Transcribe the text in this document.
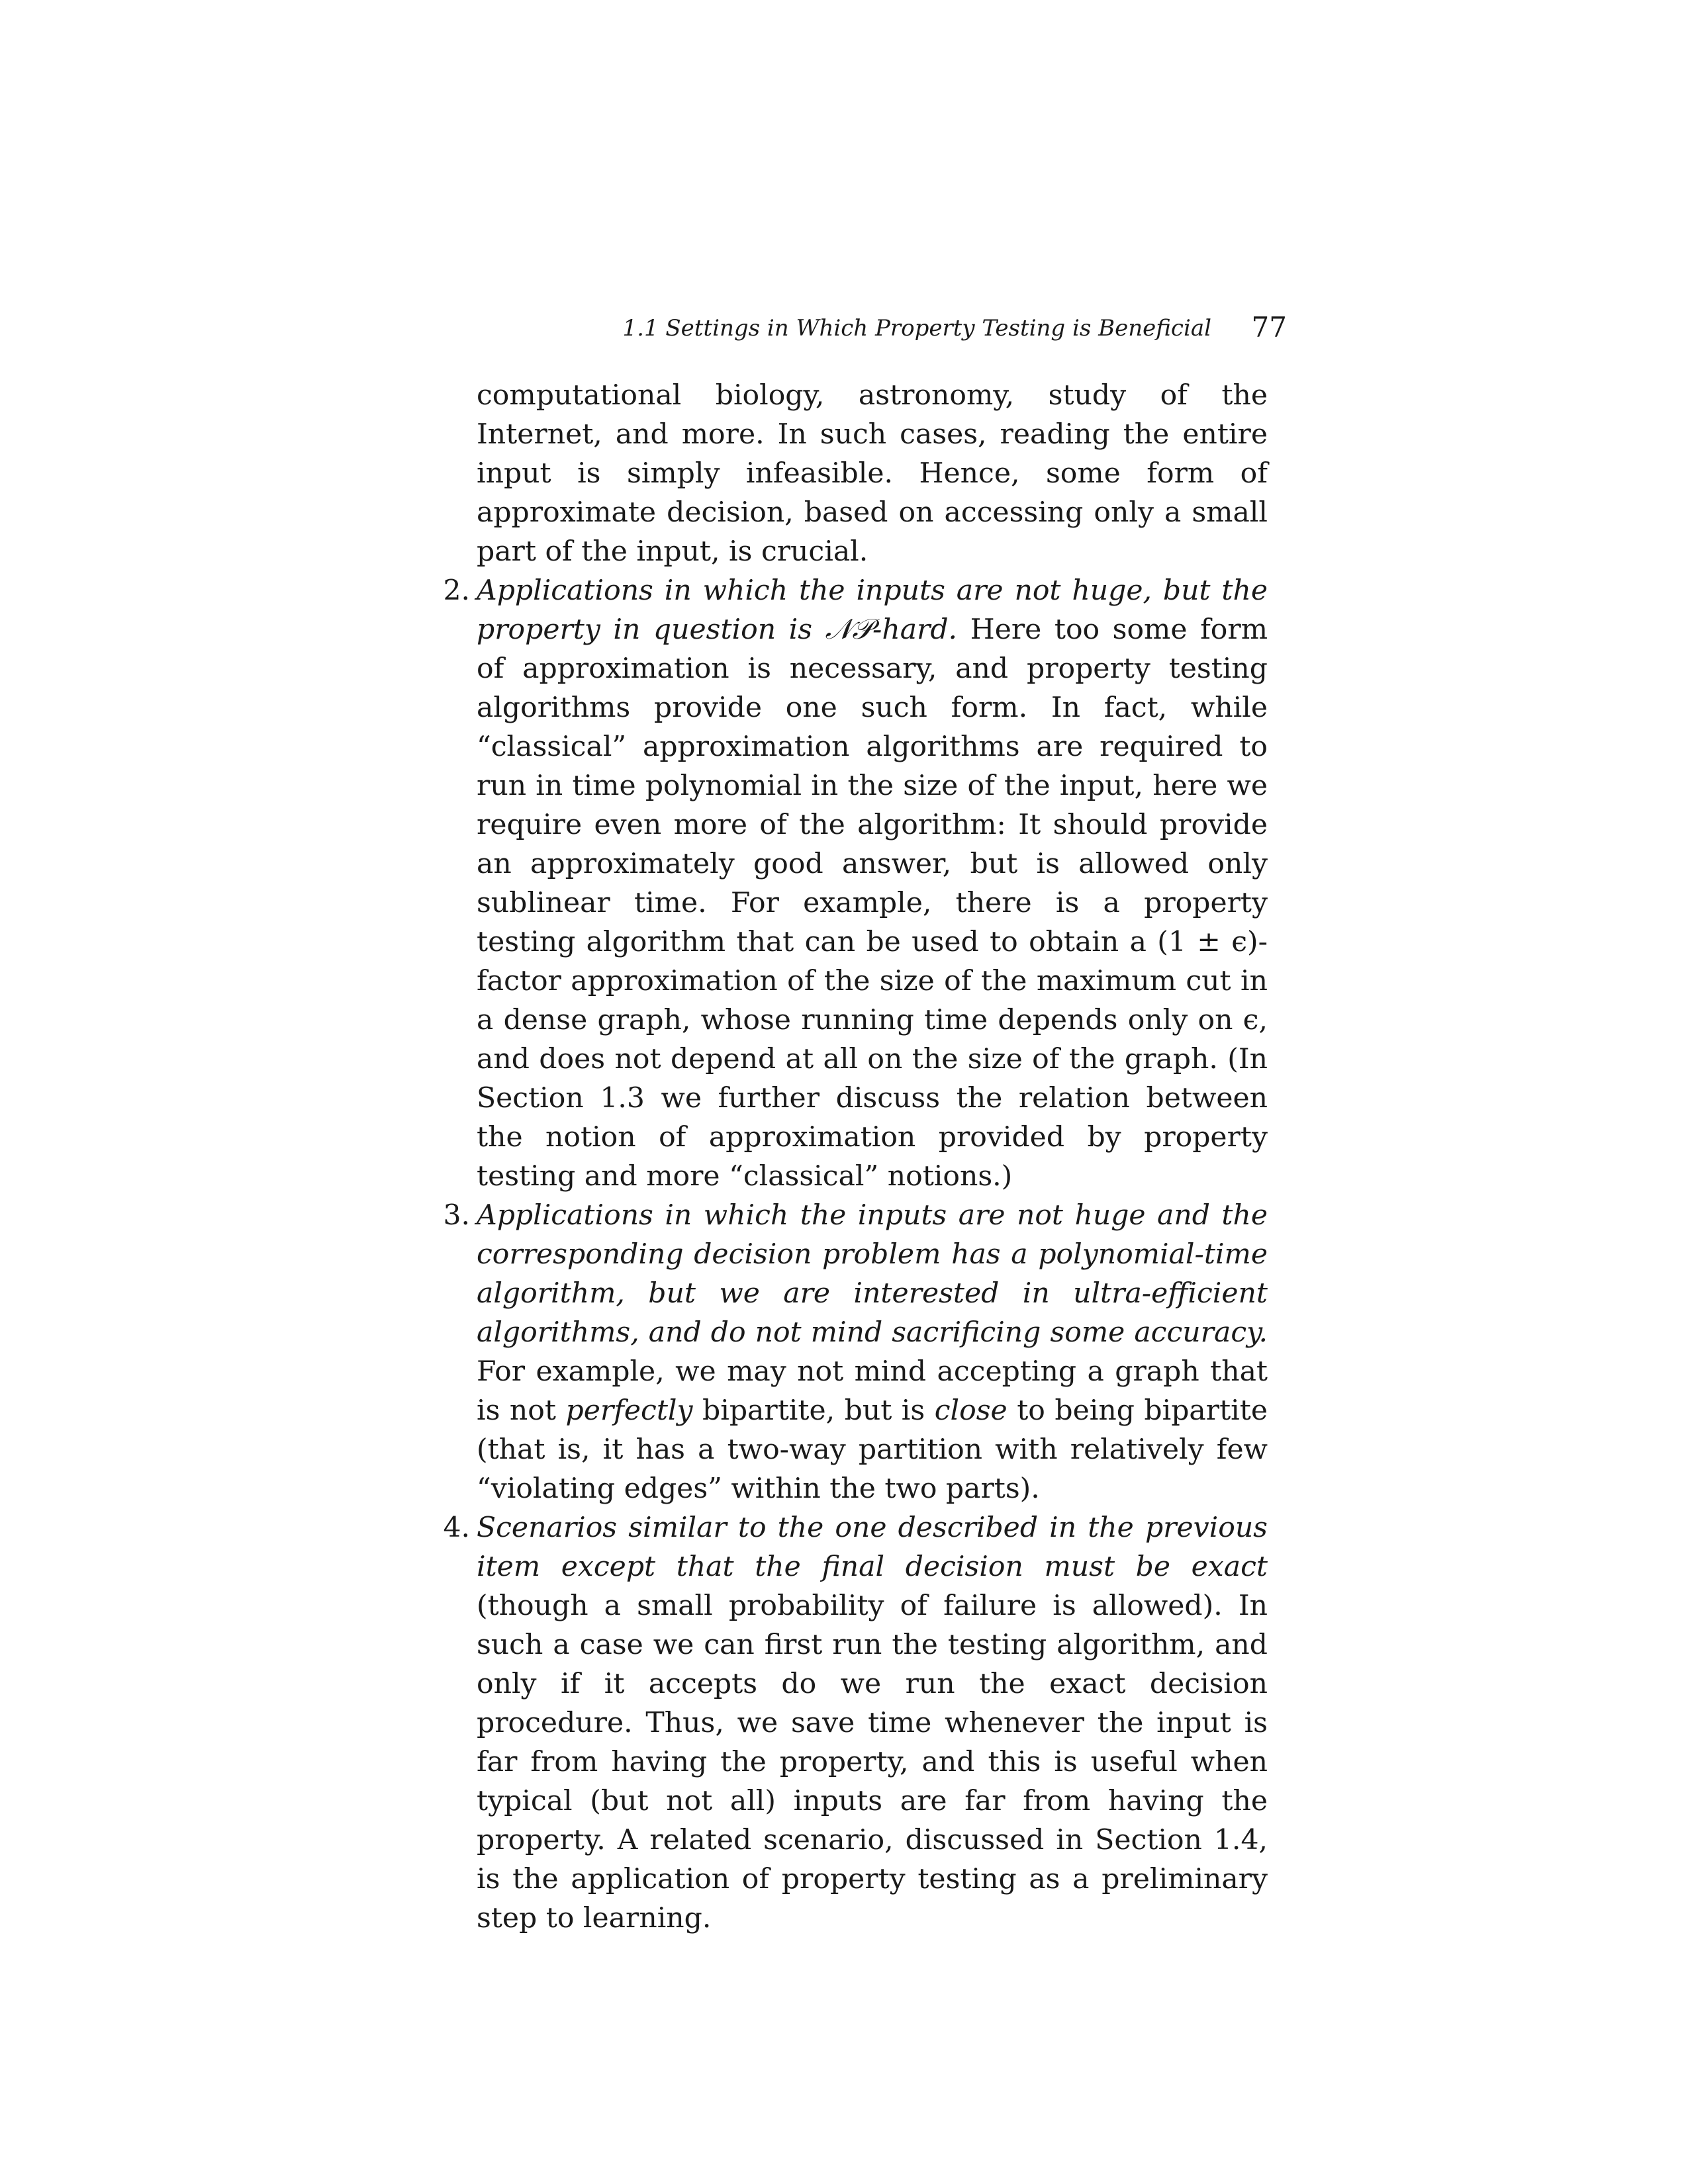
1.1 Settings in Which Property Testing is Beneficial 77

computational biology, astronomy, study of the Internet, and more. In such cases, reading the entire input is simply infeasible. Hence, some form of approximate decision, based on accessing only a small part of the input, is crucial.

2. Applications in which the inputs are not huge, but the property in question is 𝒩𝒫-hard. Here too some form of approximation is necessary, and property testing algorithms provide one such form. In fact, while “classical” approximation algorithms are required to run in time polynomial in the size of the input, here we require even more of the algorithm: It should provide an approximately good answer, but is allowed only sublinear time. For example, there is a property testing algorithm that can be used to obtain a (1 ± ϵ)-factor approximation of the size of the maximum cut in a dense graph, whose running time depends only on ϵ, and does not depend at all on the size of the graph. (In Section 1.3 we further discuss the relation between the notion of approximation provided by property testing and more “classical” notions.)
3. Applications in which the inputs are not huge and the corresponding decision problem has a polynomial-time algorithm, but we are interested in ultra-efficient algorithms, and do not mind sacrificing some accuracy. For example, we may not mind accepting a graph that is not perfectly bipartite, but is close to being bipartite (that is, it has a two-way partition with relatively few “violating edges” within the two parts).
4. Scenarios similar to the one described in the previous item except that the final decision must be exact (though a small probability of failure is allowed). In such a case we can first run the testing algorithm, and only if it accepts do we run the exact decision procedure. Thus, we save time whenever the input is far from having the property, and this is useful when typical (but not all) inputs are far from having the property. A related scenario, discussed in Section 1.4, is the application of property testing as a preliminary step to learning.
